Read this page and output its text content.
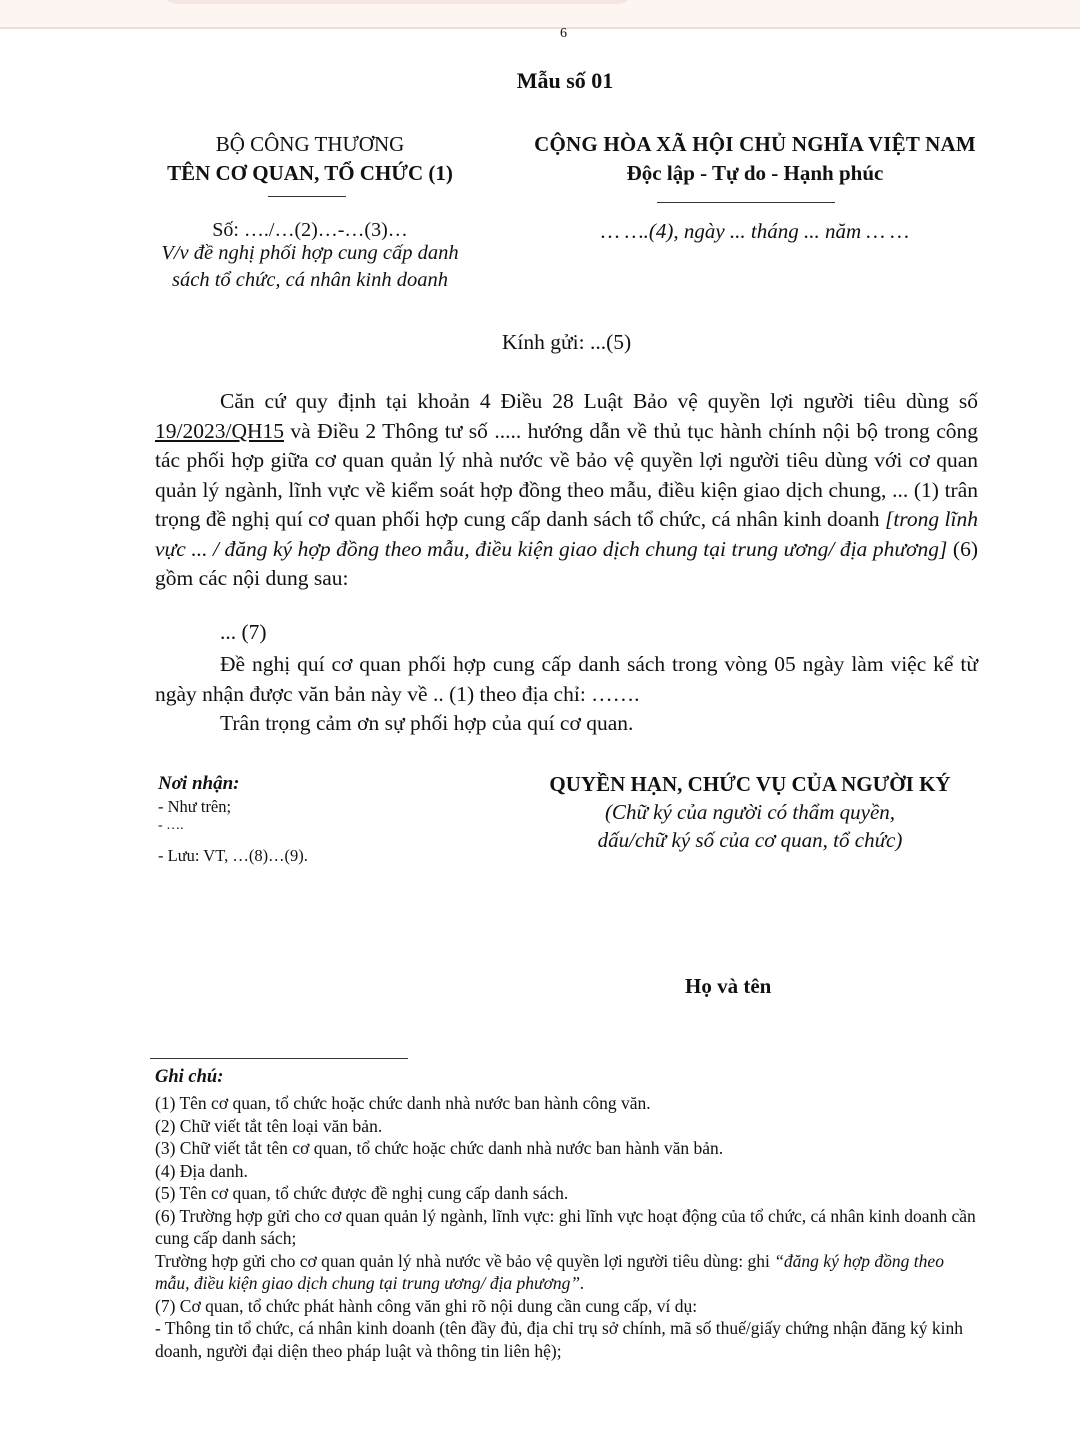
6
Mẫu số 01
BỘ CÔNG THƯƠNG
TÊN CƠ QUAN, TỔ CHỨC (1)
Số: …./…(2)…-…(3)…
V/v đề nghị phối hợp cung cấp danh
sách tổ chức, cá nhân kinh doanh
CỘNG HÒA XÃ HỘI CHỦ NGHĨA VIỆT NAM
Độc lập - Tự do - Hạnh phúc
… ….(4), ngày ... tháng ... năm … …
Kính gửi: ...(5)
Căn cứ quy định tại khoản 4 Điều 28 Luật Bảo vệ quyền lợi người tiêu dùng số 19/2023/QH15 và Điều 2 Thông tư số ..... hướng dẫn về thủ tục hành chính nội bộ trong công tác phối hợp giữa cơ quan quản lý nhà nước về bảo vệ quyền lợi người tiêu dùng với cơ quan quản lý ngành, lĩnh vực về kiểm soát hợp đồng theo mẫu, điều kiện giao dịch chung, ... (1) trân trọng đề nghị quí cơ quan phối hợp cung cấp danh sách tổ chức, cá nhân kinh doanh [trong lĩnh vực ... / đăng ký hợp đồng theo mẫu, điều kiện giao dịch chung tại trung ương/ địa phương] (6) gồm các nội dung sau:
... (7)
Đề nghị quí cơ quan phối hợp cung cấp danh sách trong vòng 05 ngày làm việc kể từ ngày nhận được văn bản này về .. (1) theo địa chỉ: …….
Trân trọng cảm ơn sự phối hợp của quí cơ quan.
Nơi nhận:
- Như trên;
- ….
- Lưu: VT, …(8)…(9).
QUYỀN HẠN, CHỨC VỤ CỦA NGƯỜI KÝ
(Chữ ký của người có thẩm quyền,
dấu/chữ ký số của cơ quan, tổ chức)
Họ và tên
Ghi chú:

(1) Tên cơ quan, tổ chức hoặc chức danh nhà nước ban hành công văn.

(2) Chữ viết tắt tên loại văn bản.

(3) Chữ viết tắt tên cơ quan, tổ chức hoặc chức danh nhà nước ban hành văn bản.

(4) Địa danh.

(5) Tên cơ quan, tổ chức được đề nghị cung cấp danh sách.

(6) Trường hợp gửi cho cơ quan quản lý ngành, lĩnh vực: ghi lĩnh vực hoạt động của tổ chức, cá nhân kinh doanh cần cung cấp danh sách;

Trường hợp gửi cho cơ quan quản lý nhà nước về bảo vệ quyền lợi người tiêu dùng: ghi “đăng ký hợp đồng theo mẫu, điều kiện giao dịch chung tại trung ương/ địa phương”.

(7) Cơ quan, tổ chức phát hành công văn ghi rõ nội dung cần cung cấp, ví dụ:

- Thông tin tổ chức, cá nhân kinh doanh (tên đầy đủ, địa chỉ trụ sở chính, mã số thuế/giấy chứng nhận đăng ký kinh doanh, người đại diện theo pháp luật và thông tin liên hệ);
